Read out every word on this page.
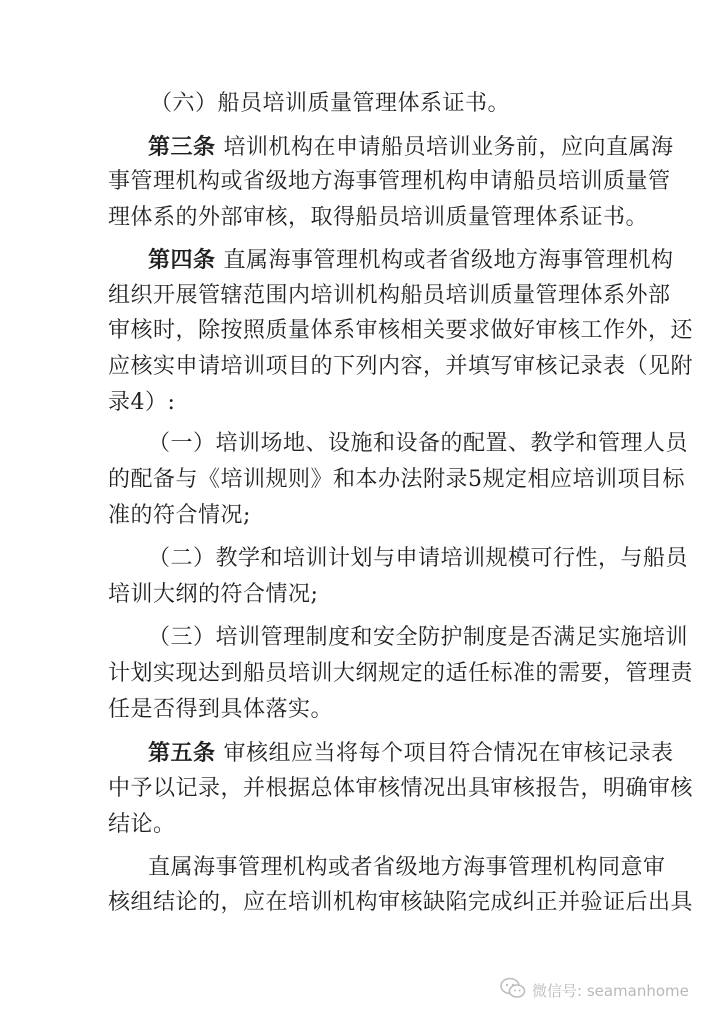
（六）船员培训质量管理体系证书。
第三条 培训机构在申请船员培训业务前，应向直属海
事管理机构或省级地方海事管理机构申请船员培训质量管
理体系的外部审核，取得船员培训质量管理体系证书。
第四条 直属海事管理机构或者省级地方海事管理机构
组织开展管辖范围内培训机构船员培训质量管理体系外部
审核时，除按照质量体系审核相关要求做好审核工作外，还
应核实申请培训项目的下列内容，并填写审核记录表（见附
录4）:
（一）培训场地、设施和设备的配置、教学和管理人员
的配备与《培训规则》和本办法附录5规定相应培训项目标
准的符合情况;
（二）教学和培训计划与申请培训规模可行性，与船员
培训大纲的符合情况;
（三）培训管理制度和安全防护制度是否满足实施培训
计划实现达到船员培训大纲规定的适任标准的需要，管理责
任是否得到具体落实。
第五条 审核组应当将每个项目符合情况在审核记录表
中予以记录，并根据总体审核情况出具审核报告，明确审核
结论。
直属海事管理机构或者省级地方海事管理机构同意审
核组结论的，应在培训机构审核缺陷完成纠正并验证后出具
微信号: seamanhome
